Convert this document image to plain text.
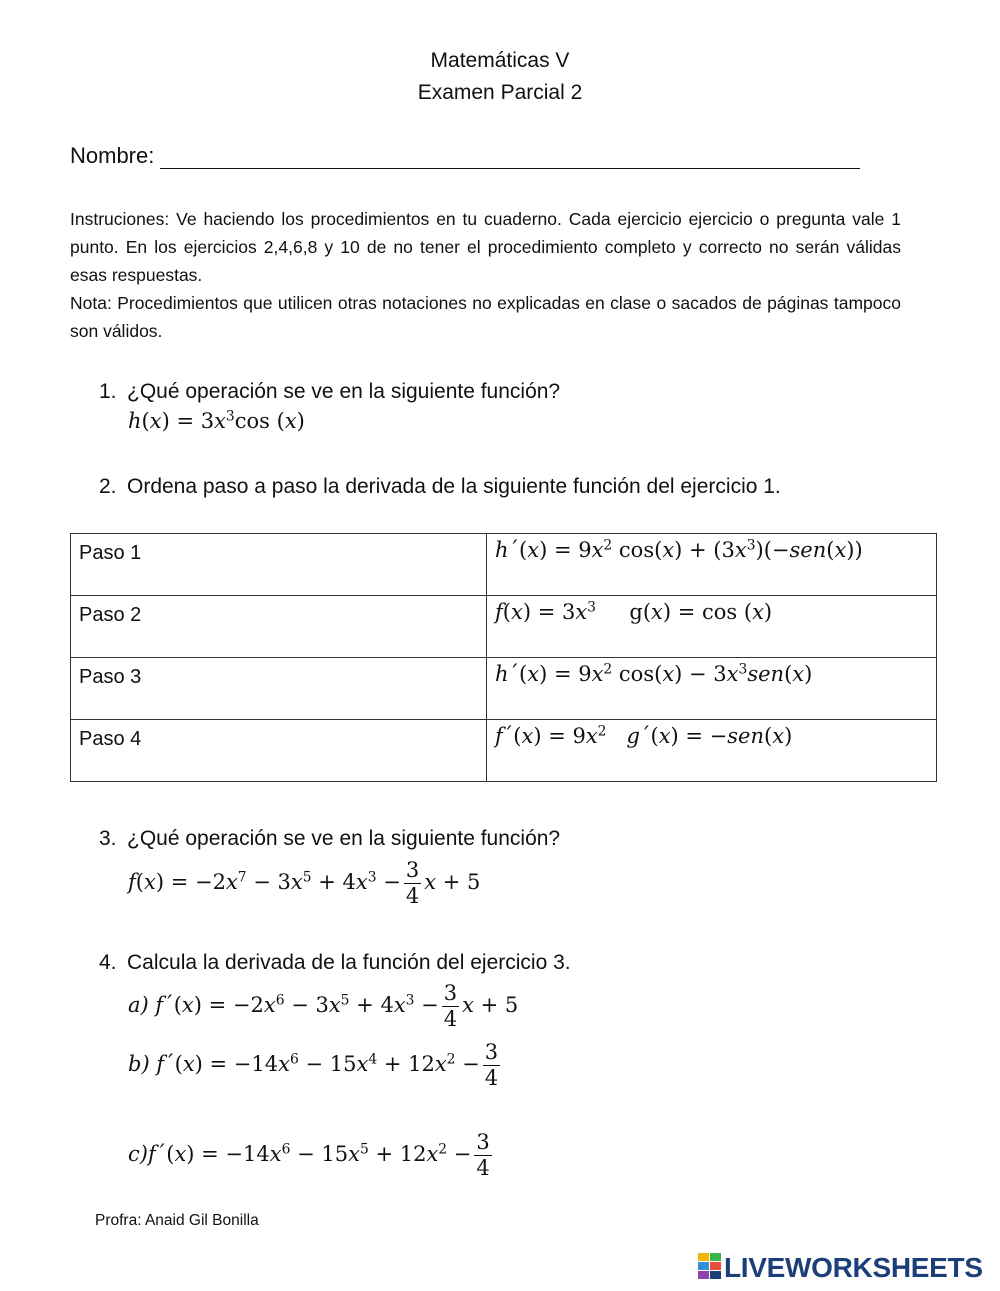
Matemáticas V
Examen Parcial 2
Nombre:

Instruciones: Ve haciendo los procedimientos en tu cuaderno. Cada ejercicio ejercicio o pregunta vale 1 punto. En los ejercicios 2,4,6,8 y 10 de no tener el procedimiento completo y correcto no serán válidas esas respuestas.

Nota: Procedimientos que utilicen otras notaciones no explicadas en clase o sacados de páginas tampoco son válidos.

1. ¿Qué operación se ve en la siguiente función?
$h(x) = 3x^3\cos$ (x)
2. Ordena paso a paso la derivada de la siguiente función del ejercicio 1.
Paso 1	h´(x) = $9x^2$ $\cos(x) + (3x^3)(-sen(x))$
Paso 2	$f(x) = 3x^3$     g(x) = cos (x)
Paso 3	h´(x) = $9x^2$ $\cos(x) - 3x^3sen(x)$
Paso 4	f´(x) = $9x^2$ g´(x) = −sen(x)
3. ¿Qué operación se ve en la siguiente función?
$f(x) = -2x^7 - 3x^5 + 4x^3 - \frac{3}{4}$ x + 5
4. Calcula la derivada de la función del ejercicio 3.
a) f´(x) = $-2x^6 - 3x^5 + 4x^3 - \frac{3}{4}$ x + 5
b) f´(x) = $-14x^6 - 15x^4 + 12x^2 - \frac{3}{4}$
c)f´(x) = $-14x^6 - 15x^5 + 12x^2 - \frac{3}{4}$
Profra: Anaid Gil Bonilla
LIVEWORKSHEETS
